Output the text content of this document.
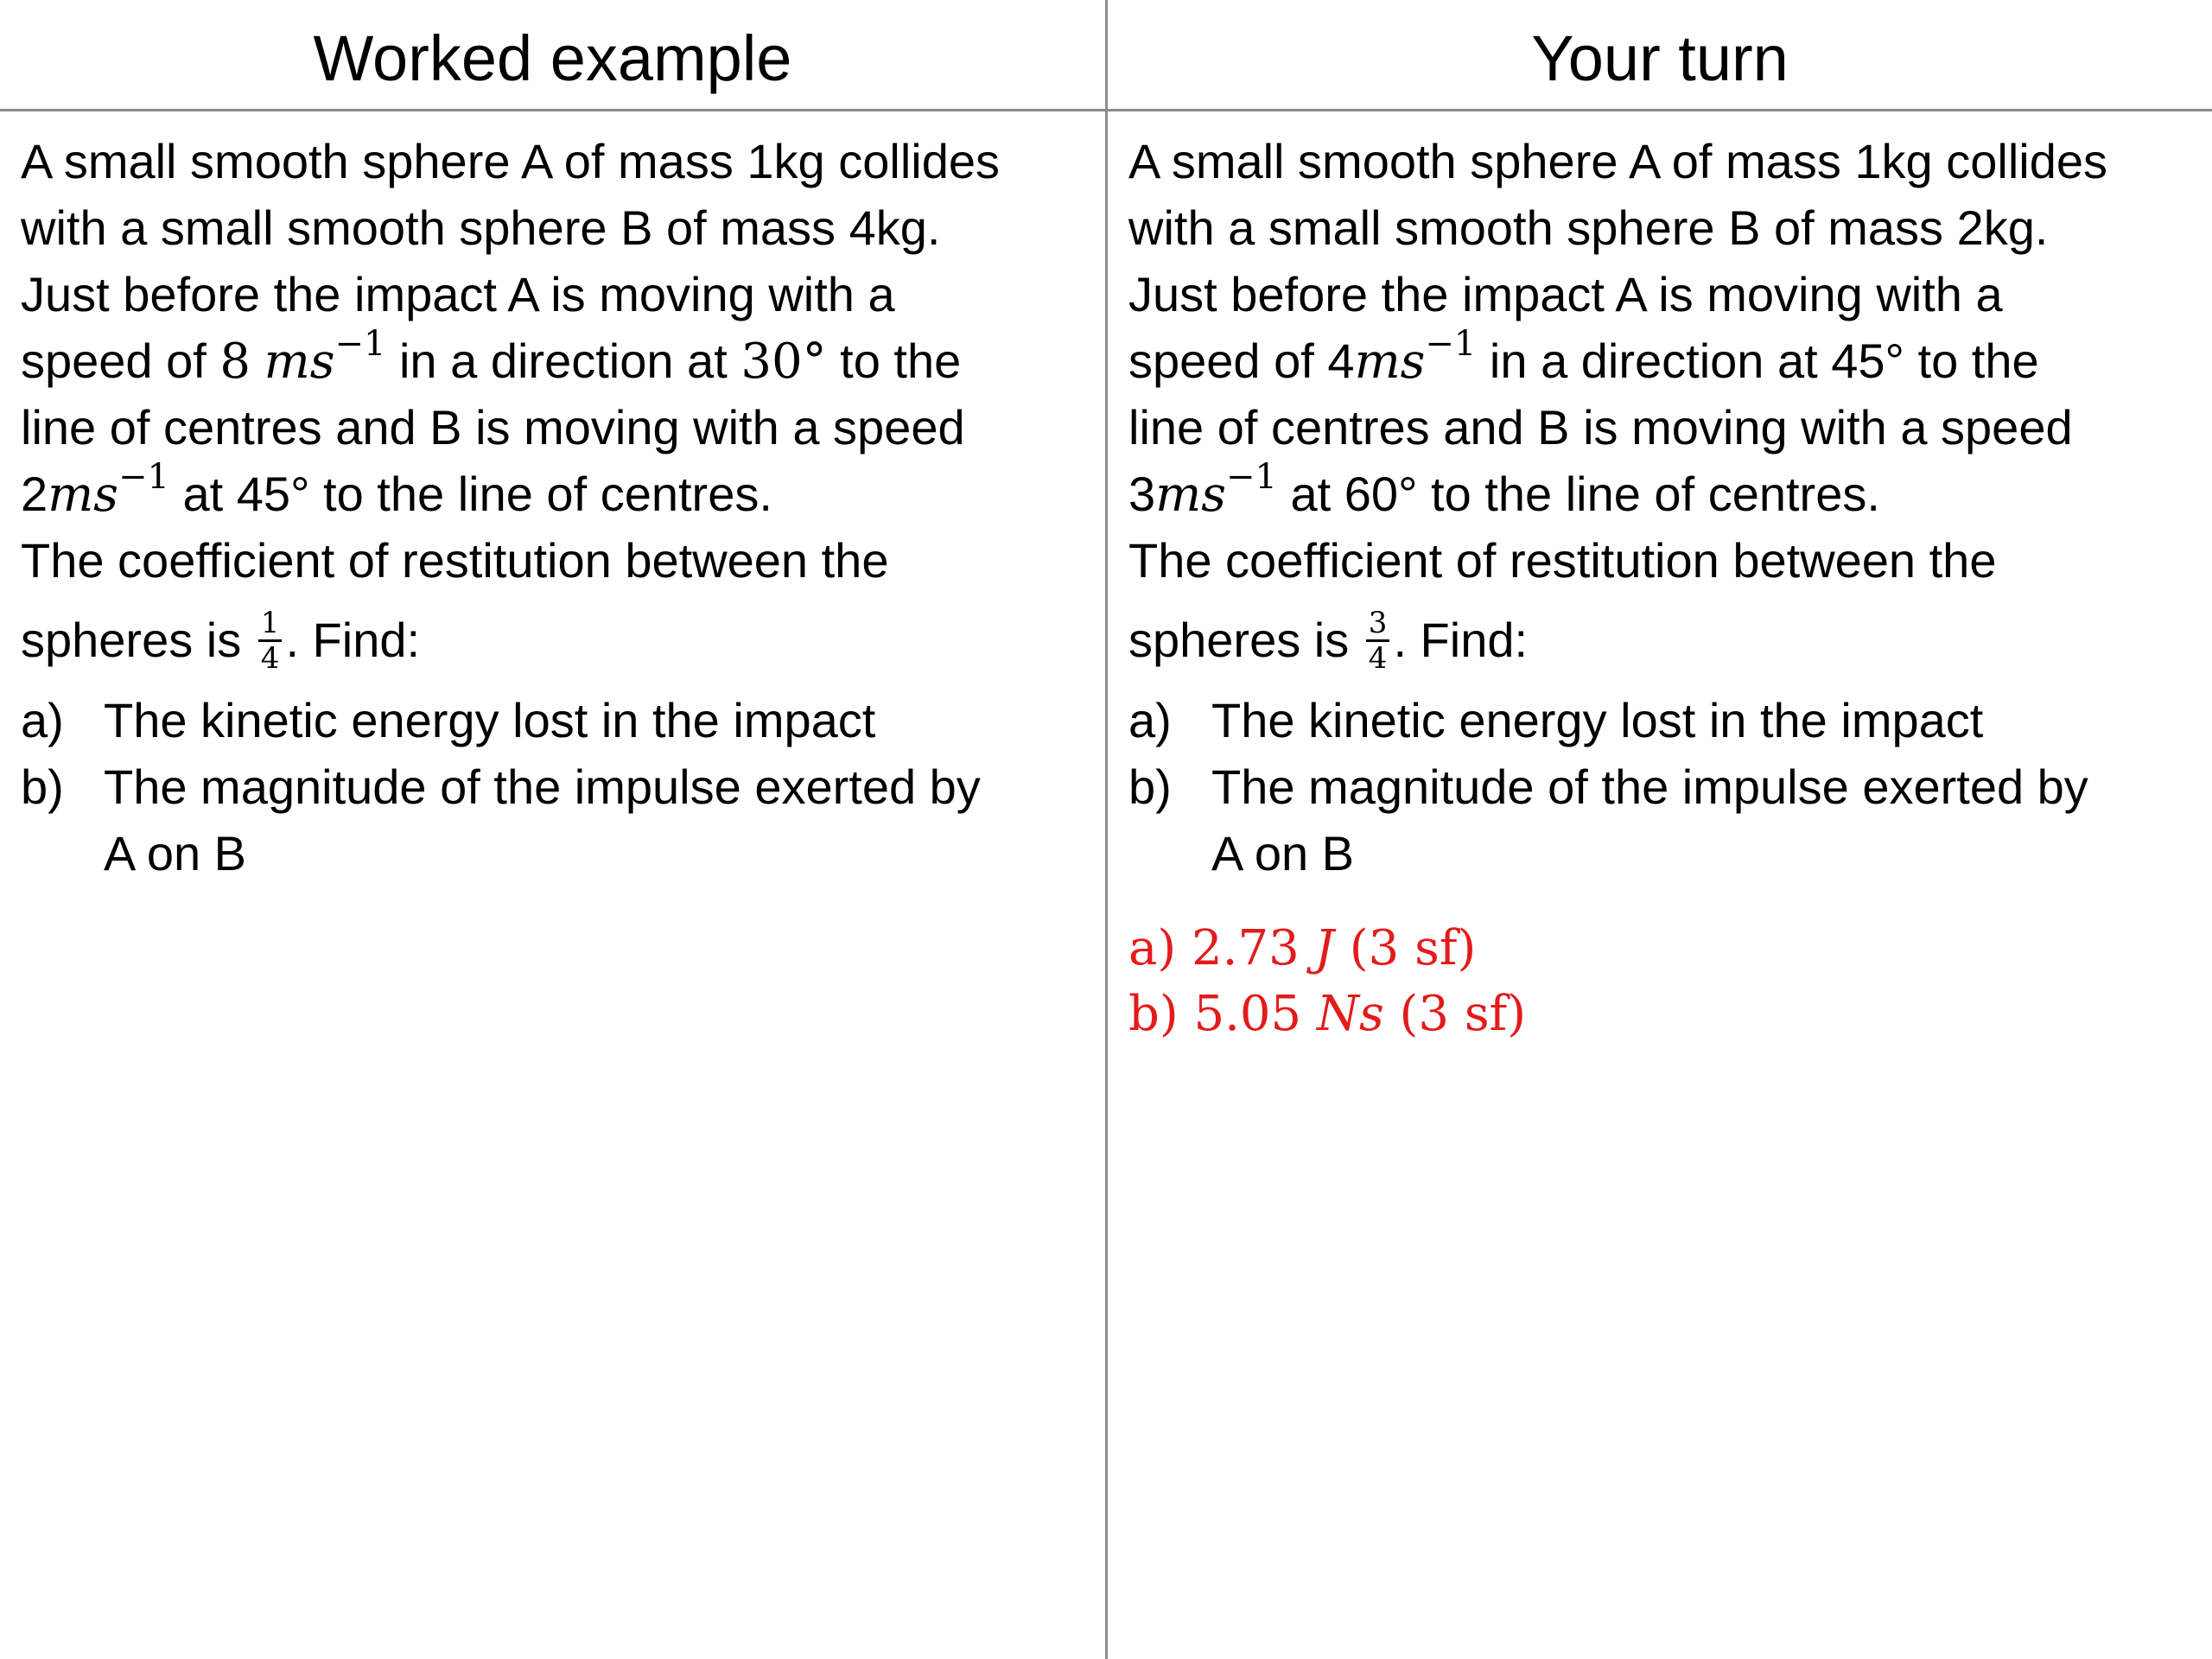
Worked example	Your turn
A small smooth sphere A of mass 1kg collides
with a small smooth sphere B of mass 4kg.
Just before the impact A is moving with a
speed of 8 $ms^{-1}$ in a direction at 30° to the
line of centres and B is moving with a speed
$2ms^{-1}$ at 45° to the line of centres.
The coefficient of restitution between the
spheres is $\frac{1}{4}$ . Find:
a) The kinetic energy lost in the impact
b) The magnitude of the impulse exerted by
A on B
A small smooth sphere A of mass 1kg collides
with a small smooth sphere B of mass 2kg.
Just before the impact A is moving with a
speed of $4ms^{-1}$ in a direction at 45° to the
line of centres and B is moving with a speed
$3ms^{-1}$ at 60° to the line of centres.
The coefficient of restitution between the
spheres is $\frac{3}{4}$ . Find:
a) The kinetic energy lost in the impact
b) The magnitude of the impulse exerted by
A on B
a) 2.73 J (3 sf)
b) 5.05 Ns (3 sf)
